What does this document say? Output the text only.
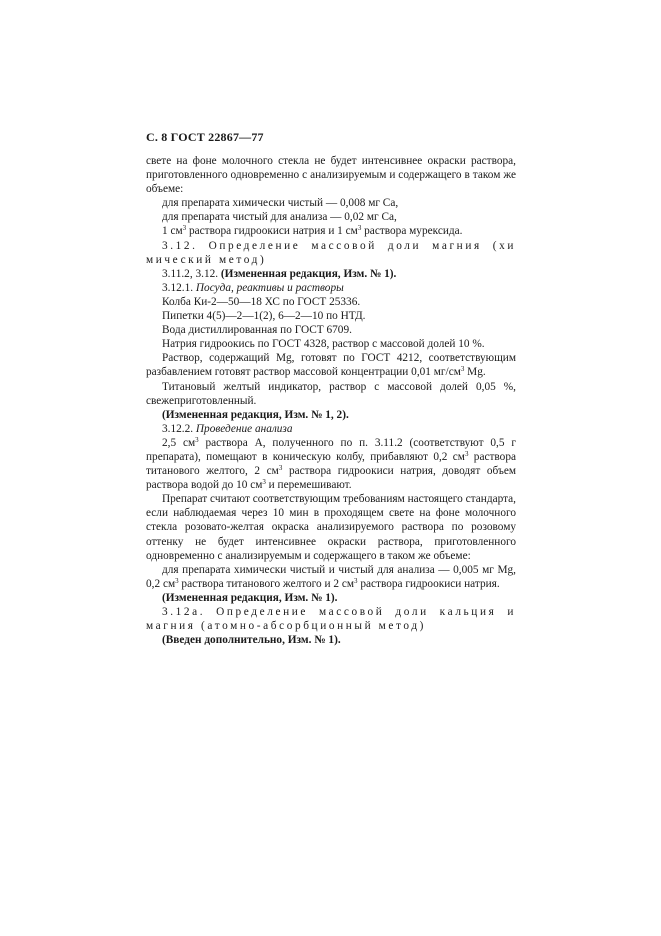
С. 8 ГОСТ 22867—77

свете на фоне молочного стекла не будет интенсивнее окраски раствора, приготовленного одновременно с анализируемым и содержащего в таком же объеме:

для препарата химически чистый — 0,008 мг Са,

для препарата чистый для анализа — 0,02 мг Са,

1 $см^3$ раствора гидроокиси натрия и 1 $см^3$ раствора мурексида.

3.12. Определение массовой доли магния (хи

мический метод)

3.11.2, 3.12. (Измененная редакция, Изм. № 1).

3.12.1. Посуда, реактивы и растворы

Колба Ки-2—50—18 ХС по ГОСТ 25336.

Пипетки 4(5)—2—1(2), 6—2—10 по НТД.

Вода дистиллированная по ГОСТ 6709.

Натрия гидроокись по ГОСТ 4328, раствор с массовой долей 10 %.

Раствор, содержащий Mg, готовят по ГОСТ 4212, соответствующим разбавлением готовят раствор массовой концентрации 0,01 $мг/см^3$ Mg.

Титановый желтый индикатор, раствор с массовой долей 0,05 %, свежеприготовленный.

(Измененная редакция, Изм. № 1, 2).

3.12.2. Проведение анализа

2,5 $см^3$ раствора А, полученного по п. 3.11.2 (соответствуют 0,5 г препарата), помещают в коническую колбу, прибавляют 0,2 $см^3$ раствора титанового желтого, 2 $см^3$ раствора гидроокиси натрия, доводят объем раствора водой до 10 $см^3$ и перемешивают.

Препарат считают соответствующим требованиям настоящего стандарта, если наблюдаемая через 10 мин в проходящем свете на фоне молочного стекла розовато-желтая окраска анализируемого раствора по розовому оттенку не будет интенсивнее окраски раствора, приготовленного одновременно с анализируемым и содержащего в таком же объеме:

для препарата химически чистый и чистый для анализа — 0,005 мг Mg, 0,2 $см^3$ раствора титанового желтого и 2 $см^3$ раствора гидроокиси натрия.

(Измененная редакция, Изм. № 1).

3.12а. Определение массовой доли кальция и

магния (атомно-абсорбционный метод)

(Введен дополнительно, Изм. № 1).
